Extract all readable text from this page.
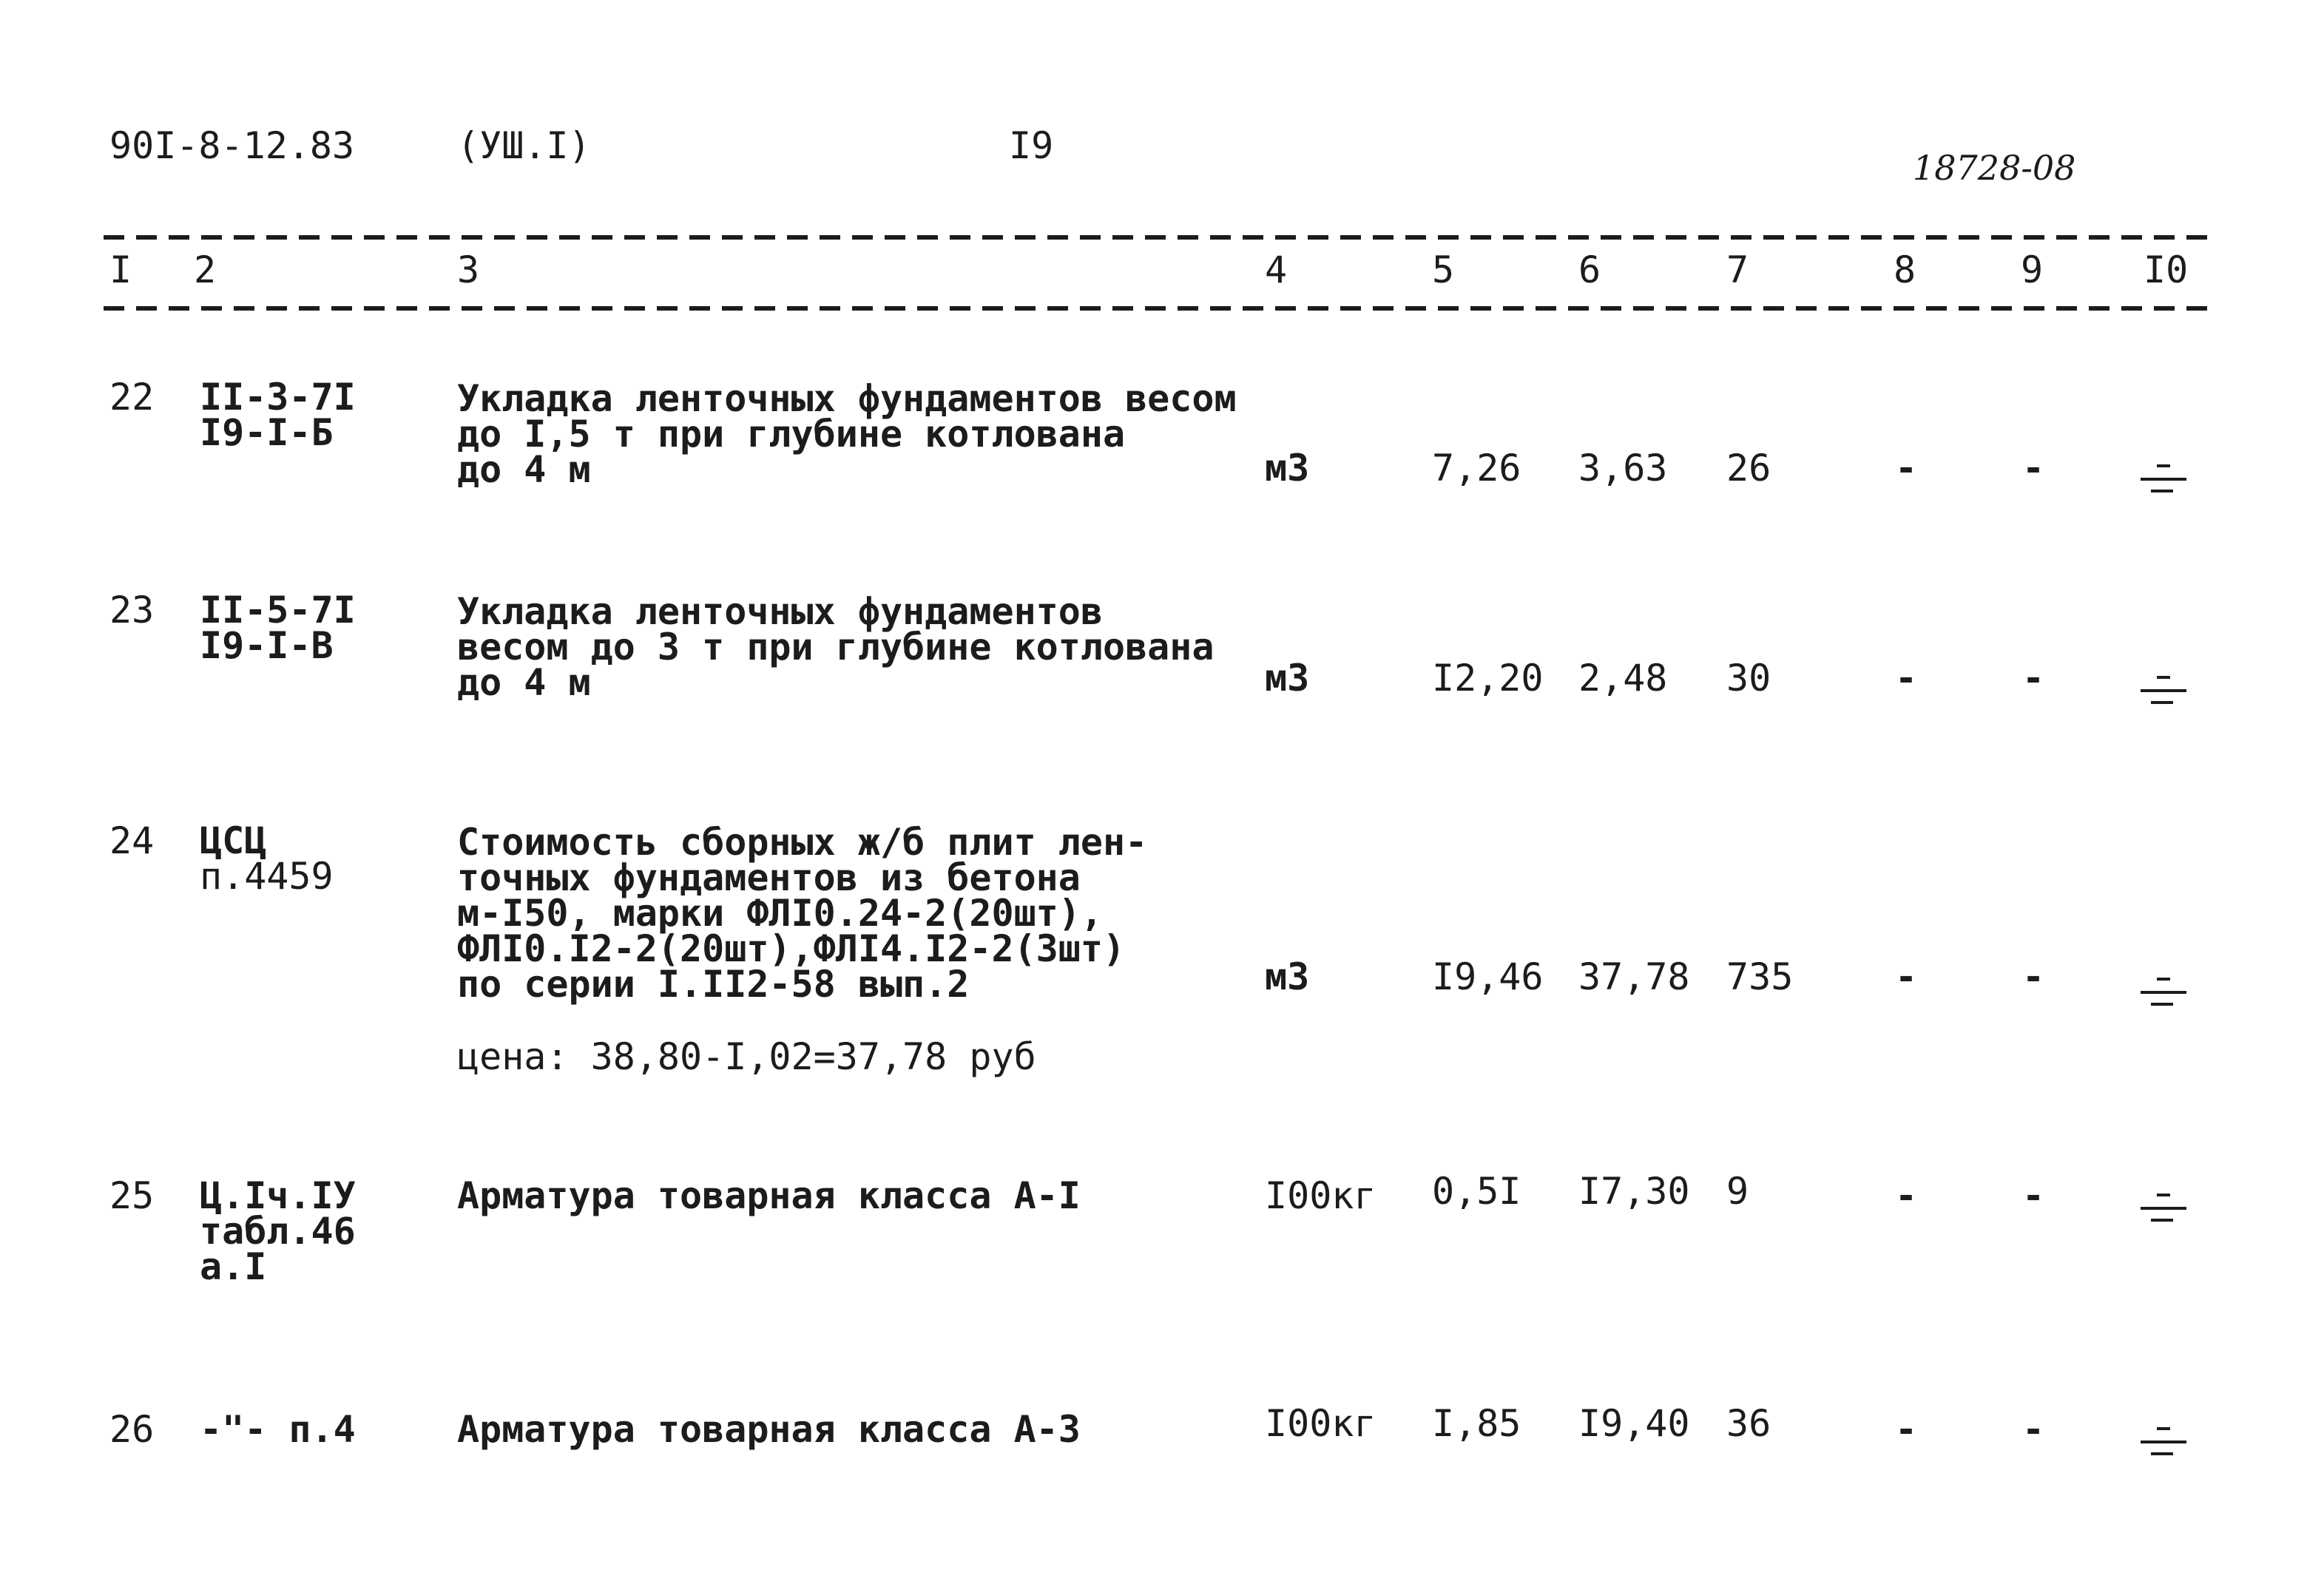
90I-8-12.83	(УШ.I)	I9
18728-08
I 2	3	4	5	6	7	8	9	I0
22 II-3-7I
I9-I-Б
Укладка ленточных фундаментов весом
до I,5 т при глубине котлована
до 4 м	м3	7,26 3,63 26	-	-
23 II-5-7I
I9-I-В
Укладка ленточных фундаментов
весом до 3 т при глубине котлована
до 4 м	м3	I2,20 2,48 30	-	-
24 ЦСЦ
п.4459
Стоимость сборных ж/б плит лен-
точных фундаментов из бетона
м-I50, марки ФЛI0.24-2(20шт),
ФЛI0.I2-2(20шт),ФЛI4.I2-2(3шт)
по серии I.II2-58 вып.2
цена: 38,80-I,02=37,78 руб
м3	I9,46 37,78 735	-	-
25 Ц.Iч.IУ
табл.46
а.I
Арматура товарная класса А-I	I00кг 0,5I I7,30 9	-	-
26 -"- п.4	Арматура товарная класса А-3	I00кг I,85 I9,40 36	-	-
=
=
=
=
=
